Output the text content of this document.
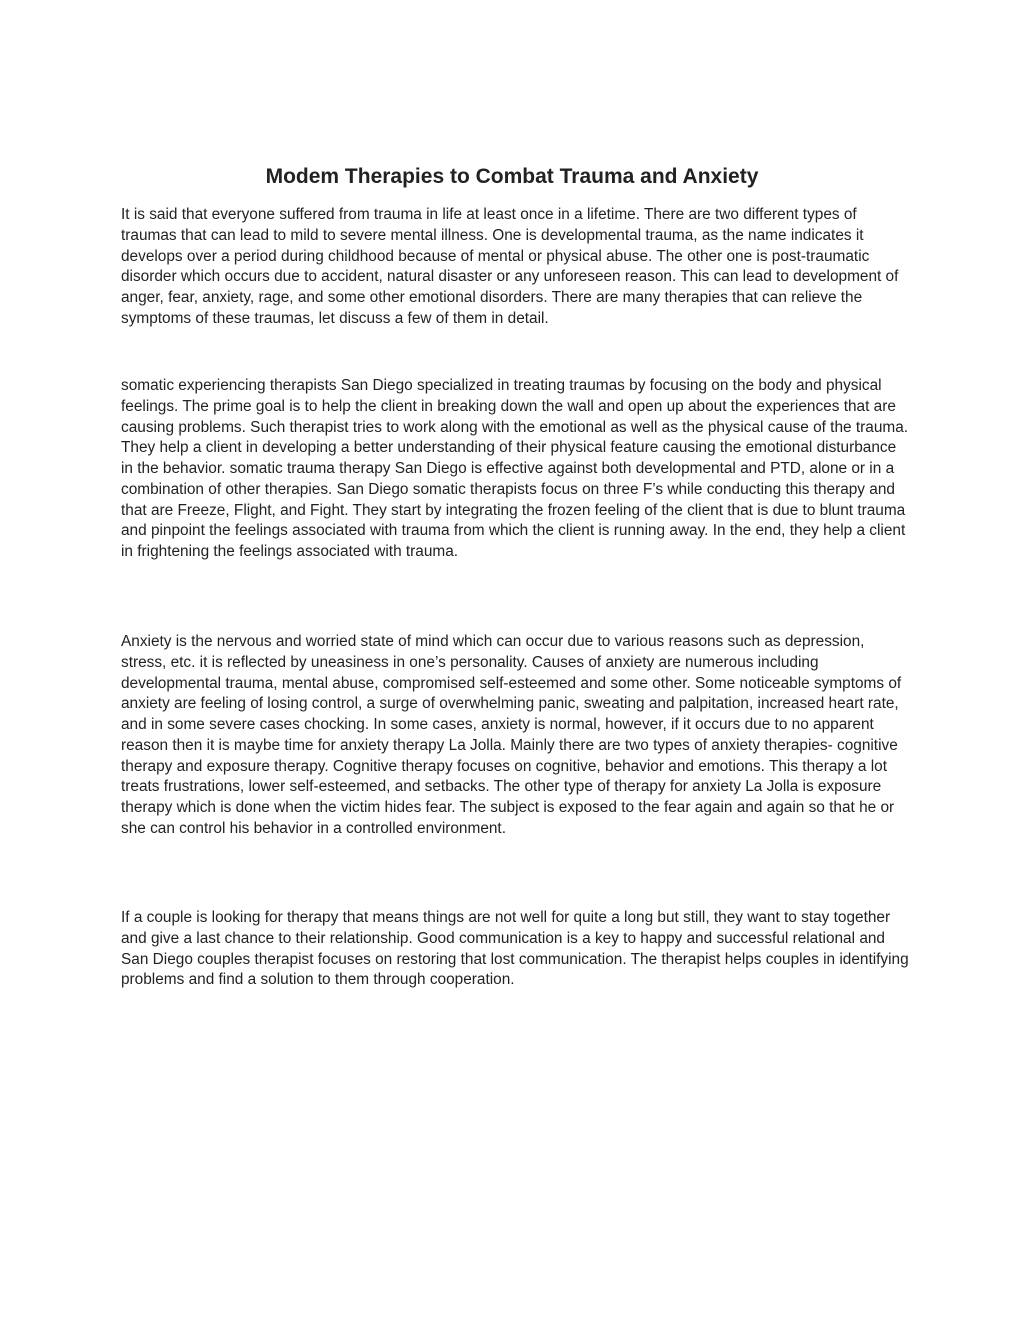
Modem Therapies to Combat Trauma and Anxiety

It is said that everyone suffered from trauma in life at least once in a lifetime. There are two different types of traumas that can lead to mild to severe mental illness. One is developmental trauma, as the name indicates it develops over a period during childhood because of mental or physical abuse. The other one is post-traumatic disorder which occurs due to accident, natural disaster or any unforeseen reason. This can lead to development of anger, fear, anxiety, rage, and some other emotional disorders. There are many therapies that can relieve the symptoms of these traumas, let discuss a few of them in detail.

somatic experiencing therapists San Diego specialized in treating traumas by focusing on the body and physical feelings. The prime goal is to help the client in breaking down the wall and open up about the experiences that are causing problems. Such therapist tries to work along with the emotional as well as the physical cause of the trauma. They help a client in developing a better understanding of their physical feature causing the emotional disturbance in the behavior. somatic trauma therapy San Diego is effective against both developmental and PTD, alone or in a combination of other therapies. San Diego somatic therapists focus on three F’s while conducting this therapy and that are Freeze, Flight, and Fight. They start by integrating the frozen feeling of the client that is due to blunt trauma and pinpoint the feelings associated with trauma from which the client is running away. In the end, they help a client in frightening the feelings associated with trauma.

Anxiety is the nervous and worried state of mind which can occur due to various reasons such as depression, stress, etc. it is reflected by uneasiness in one’s personality. Causes of anxiety are numerous including developmental trauma, mental abuse, compromised self-esteemed and some other. Some noticeable symptoms of anxiety are feeling of losing control, a surge of overwhelming panic, sweating and palpitation, increased heart rate, and in some severe cases chocking. In some cases, anxiety is normal, however, if it occurs due to no apparent reason then it is maybe time for anxiety therapy La Jolla. Mainly there are two types of anxiety therapies- cognitive therapy and exposure therapy. Cognitive therapy focuses on cognitive, behavior and emotions. This therapy a lot treats frustrations, lower self-esteemed, and setbacks. The other type of therapy for anxiety La Jolla is exposure therapy which is done when the victim hides fear. The subject is exposed to the fear again and again so that he or she can control his behavior in a controlled environment.

If a couple is looking for therapy that means things are not well for quite a long but still, they want to stay together and give a last chance to their relationship. Good communication is a key to happy and successful relational and San Diego couples therapist focuses on restoring that lost communication. The therapist helps couples in identifying problems and find a solution to them through cooperation.
